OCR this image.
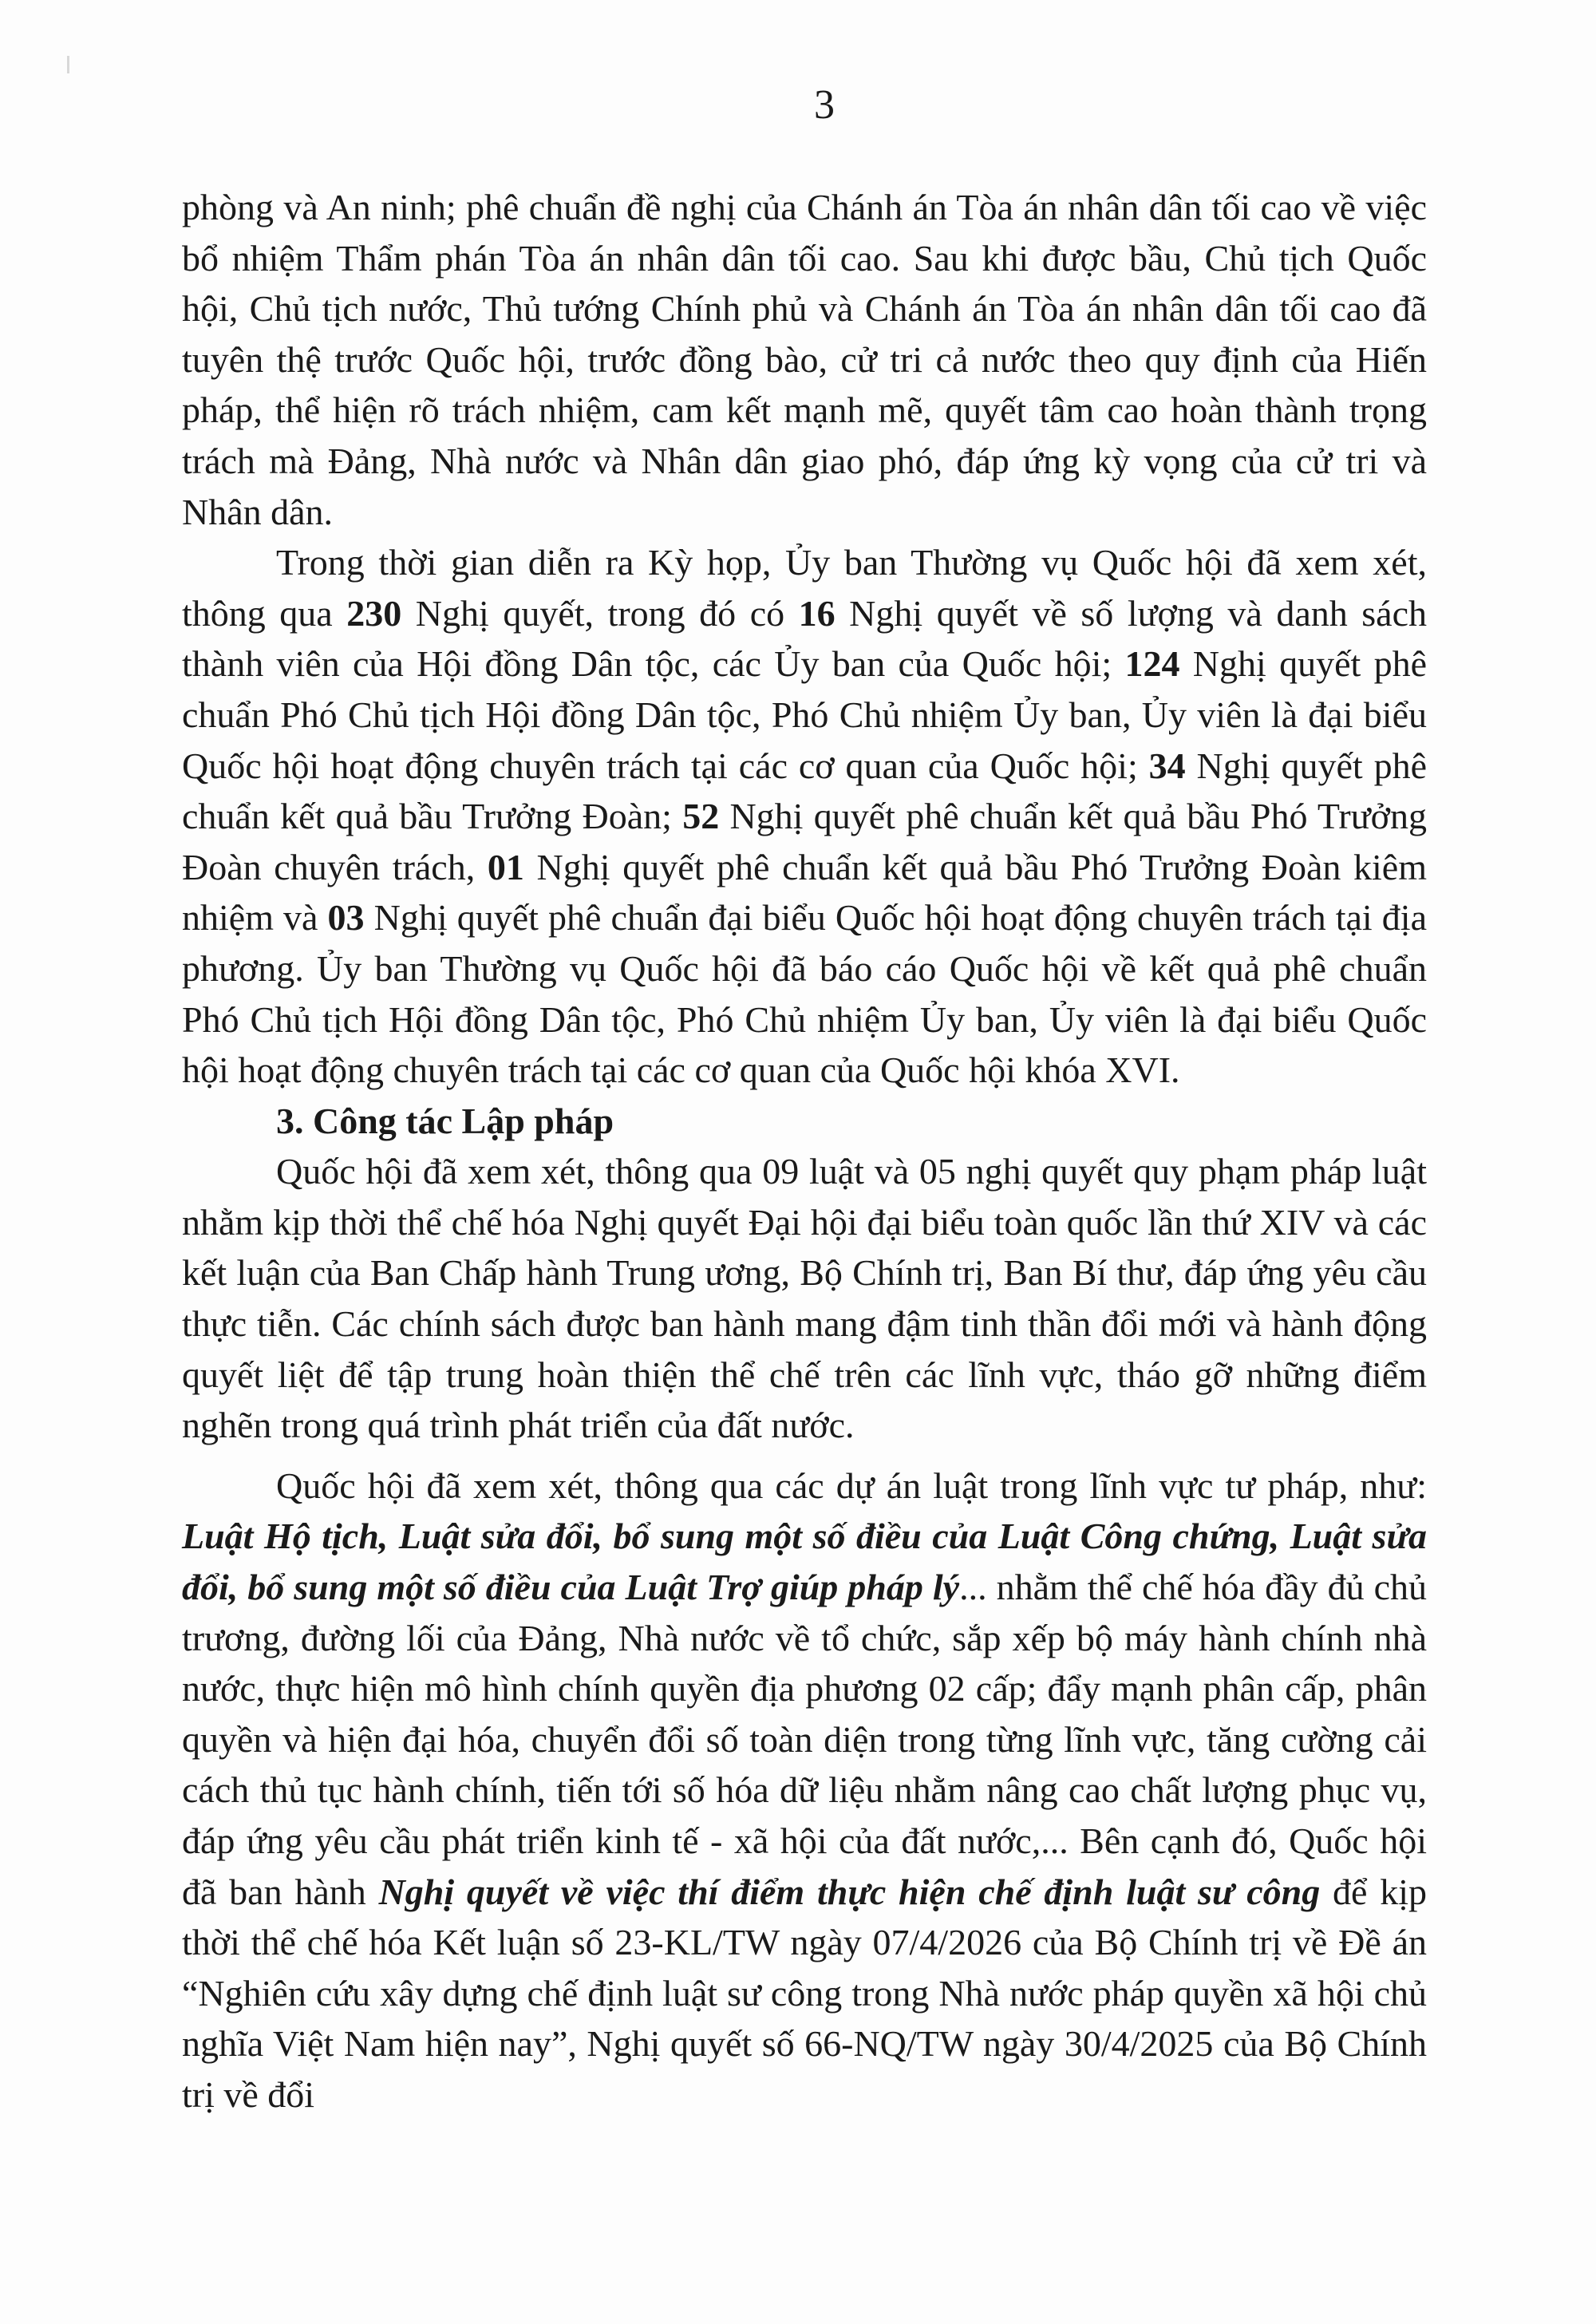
3

phòng và An ninh; phê chuẩn đề nghị của Chánh án Tòa án nhân dân tối cao về việc bổ nhiệm Thẩm phán Tòa án nhân dân tối cao. Sau khi được bầu, Chủ tịch Quốc hội, Chủ tịch nước, Thủ tướng Chính phủ và Chánh án Tòa án nhân dân tối cao đã tuyên thệ trước Quốc hội, trước đồng bào, cử tri cả nước theo quy định của Hiến pháp, thể hiện rõ trách nhiệm, cam kết mạnh mẽ, quyết tâm cao hoàn thành trọng trách mà Đảng, Nhà nước và Nhân dân giao phó, đáp ứng kỳ vọng của cử tri và Nhân dân.

Trong thời gian diễn ra Kỳ họp, Ủy ban Thường vụ Quốc hội đã xem xét, thông qua 230 Nghị quyết, trong đó có 16 Nghị quyết về số lượng và danh sách thành viên của Hội đồng Dân tộc, các Ủy ban của Quốc hội; 124 Nghị quyết phê chuẩn Phó Chủ tịch Hội đồng Dân tộc, Phó Chủ nhiệm Ủy ban, Ủy viên là đại biểu Quốc hội hoạt động chuyên trách tại các cơ quan của Quốc hội; 34 Nghị quyết phê chuẩn kết quả bầu Trưởng Đoàn; 52 Nghị quyết phê chuẩn kết quả bầu Phó Trưởng Đoàn chuyên trách, 01 Nghị quyết phê chuẩn kết quả bầu Phó Trưởng Đoàn kiêm nhiệm và 03 Nghị quyết phê chuẩn đại biểu Quốc hội hoạt động chuyên trách tại địa phương. Ủy ban Thường vụ Quốc hội đã báo cáo Quốc hội về kết quả phê chuẩn Phó Chủ tịch Hội đồng Dân tộc, Phó Chủ nhiệm Ủy ban, Ủy viên là đại biểu Quốc hội hoạt động chuyên trách tại các cơ quan của Quốc hội khóa XVI.

3. Công tác Lập pháp

Quốc hội đã xem xét, thông qua 09 luật và 05 nghị quyết quy phạm pháp luật nhằm kịp thời thể chế hóa Nghị quyết Đại hội đại biểu toàn quốc lần thứ XIV và các kết luận của Ban Chấp hành Trung ương, Bộ Chính trị, Ban Bí thư, đáp ứng yêu cầu thực tiễn. Các chính sách được ban hành mang đậm tinh thần đổi mới và hành động quyết liệt để tập trung hoàn thiện thể chế trên các lĩnh vực, tháo gỡ những điểm nghẽn trong quá trình phát triển của đất nước.

Quốc hội đã xem xét, thông qua các dự án luật trong lĩnh vực tư pháp, như: Luật Hộ tịch, Luật sửa đổi, bổ sung một số điều của Luật Công chứng, Luật sửa đổi, bổ sung một số điều của Luật Trợ giúp pháp lý... nhằm thể chế hóa đầy đủ chủ trương, đường lối của Đảng, Nhà nước về tổ chức, sắp xếp bộ máy hành chính nhà nước, thực hiện mô hình chính quyền địa phương 02 cấp; đẩy mạnh phân cấp, phân quyền và hiện đại hóa, chuyển đổi số toàn diện trong từng lĩnh vực, tăng cường cải cách thủ tục hành chính, tiến tới số hóa dữ liệu nhằm nâng cao chất lượng phục vụ, đáp ứng yêu cầu phát triển kinh tế - xã hội của đất nước,... Bên cạnh đó, Quốc hội đã ban hành Nghị quyết về việc thí điểm thực hiện chế định luật sư công để kịp thời thể chế hóa Kết luận số 23-KL/TW ngày 07/4/2026 của Bộ Chính trị về Đề án “Nghiên cứu xây dựng chế định luật sư công trong Nhà nước pháp quyền xã hội chủ nghĩa Việt Nam hiện nay”, Nghị quyết số 66-NQ/TW ngày 30/4/2025 của Bộ Chính trị về đổi
